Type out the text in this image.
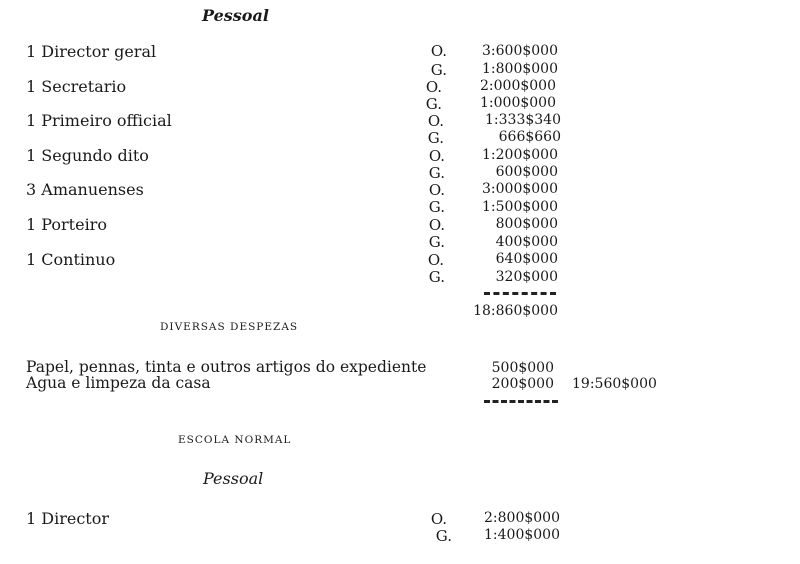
Pessoal
1 Director geral	O.	3:600$000
G.	1:800$000
1 Secretario	O.	2:000$000
G.	1:000$000
1 Primeiro official	O.	1:333$340
G.	666$660
1 Segundo dito	O.	1:200$000
G.	600$000
3 Amanuenses	O.	3:000$000
G.	1:500$000
1 Porteiro	O.	800$000
G.	400$000
1 Continuo	O.	640$000
G.	320$000
18:860$000
DIVERSAS DESPEZAS
Papel, pennas, tinta e outros artigos do expediente	500$000
Agua e limpeza da casa	200$000 19:560$000
ESCOLA NORMAL
Pessoal
1 Director	O.	2:800$000
G.	1:400$000
